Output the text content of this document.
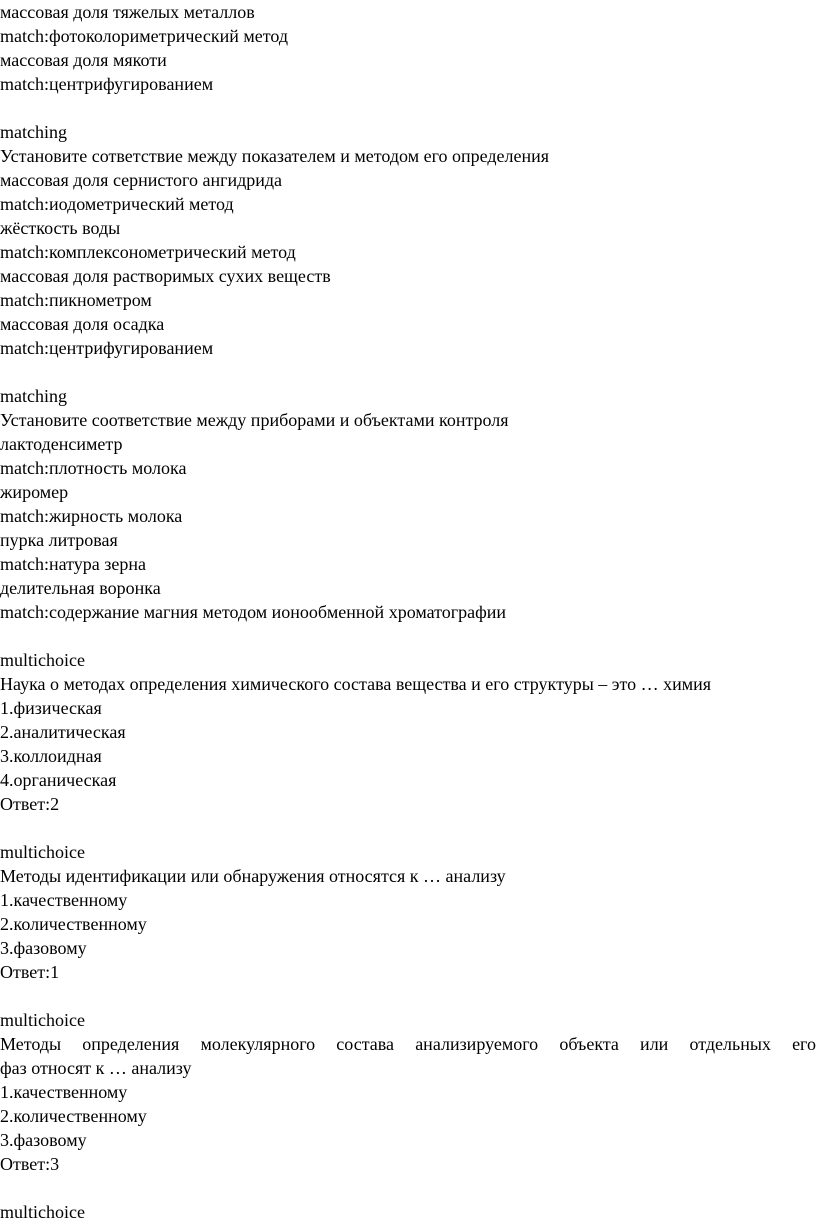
массовая доля тяжелых металлов
match:фотоколориметрический метод
массовая доля мякоти
match:центрифугированием
matching
Установите сответствие между показателем и методом его определения
массовая доля сернистого ангидрида
match:иодометрический метод
жёсткость воды
match:комплексонометрический метод
массовая доля растворимых сухих веществ
match:пикнометром
массовая доля осадка
match:центрифугированием
matching
Установите соответствие между приборами и объектами контроля
лактоденсиметр
match:плотность молока
жиромер
match:жирность молока
пурка литровая
match:натура зерна
делительная воронка
match:содержание магния методом ионообменной хроматографии
multichoice
Наука о методах определения химического состава вещества и его структуры – это … химия
1.физическая
2.аналитическая
3.коллоидная
4.органическая
Ответ:2
multichoice
Методы идентификации или обнаружения относятся к … анализу
1.качественному
2.количественному
3.фазовому
Ответ:1
multichoice
Методы определения молекулярного состава анализируемого объекта или отдельных его
фаз относят к … анализу
1.качественному
2.количественному
3.фазовому
Ответ:3
multichoice
